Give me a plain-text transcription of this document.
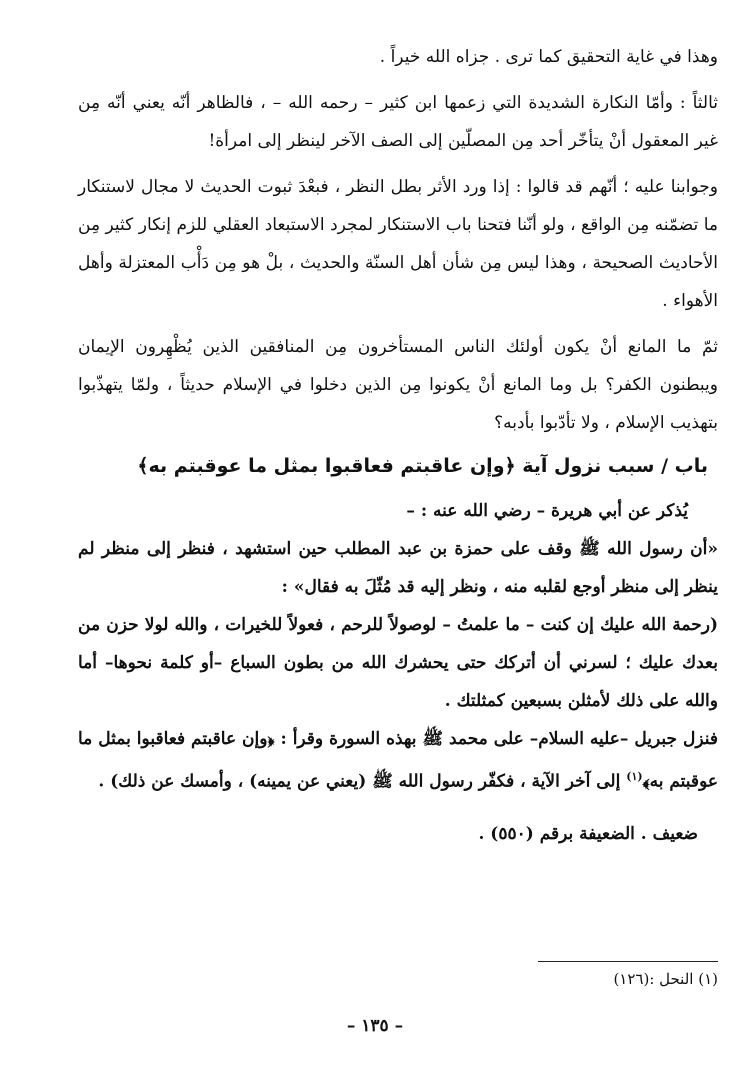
وهذا في غاية التحقيق كما ترى . جزاه الله خيراً .

ثالثاً : وأمّا النكارة الشديدة التي زعمها ابن كثير – رحمه الله – ، فالظاهر أنّه يعني أنّه مِن غير المعقول أنْ يتأخّر أحد مِن المصلّين إلى الصف الآخر لينظر إلى امرأة!

وجوابنا عليه ؛ أنّهم قد قالوا : إذا ورد الأثر بطل النظر ، فبعْدَ ثبوت الحديث لا مجال لاستنكار ما تضمّنه مِن الواقع ، ولو أنّنا فتحنا باب الاستنكار لمجرد الاستبعاد العقلي للزم إنكار كثير مِن الأحاديث الصحيحة ، وهذا ليس مِن شأن أهل السنّة والحديث ، بلْ هو مِن دَأْب المعتزلة وأهل الأهواء .

ثمّ ما المانع أنْ يكون أولئك الناس المستأخرون مِن المنافقين الذين يُظْهِرون الإيمان ويبطنون الكفر؟ بل وما المانع أنْ يكونوا مِن الذين دخلوا في الإسلام حديثاً ، ولمّا يتهذّبوا بتهذيب الإسلام ، ولا تأدّبوا بأدبه؟

باب / سبب نزول آية ﴿وإن عاقبتم فعاقبوا بمثل ما عوقبتم به﴾

يُذكر عن أبي هريرة – رضي الله عنه : –

«أن رسول الله ﷺ وقف على حمزة بن عبد المطلب حين استشهد ، فنظر إلى منظر لم ينظر إلى منظر أوجع لقلبه منه ، ونظر إليه قد مُثّلَ به فقال» :

(رحمة الله عليك إن كنت – ما علمتُ – لوصولاً للرحم ، فعولاً للخيرات ، والله لولا حزن من بعدك عليك ؛ لسرني أن أتركك حتى يحشرك الله من بطون السباع –أو كلمة نحوها– أما والله على ذلك لأمثلن بسبعين كمثلتك .

فنزل جبريل –عليه السلام– على محمد ﷺ بهذه السورة وقرأ : ﴿وإن عاقبتم فعاقبوا بمثل ما عوقبتم به﴾$^{(١)}$ إلى آخر الآية ، فكفّر رسول الله ﷺ (يعني عن يمينه) ، وأمسك عن ذلك) .

ضعيف . الضعيفة برقم (٥٥٠) .
(١) النحل :(١٢٦)
– ١٣٥ –
